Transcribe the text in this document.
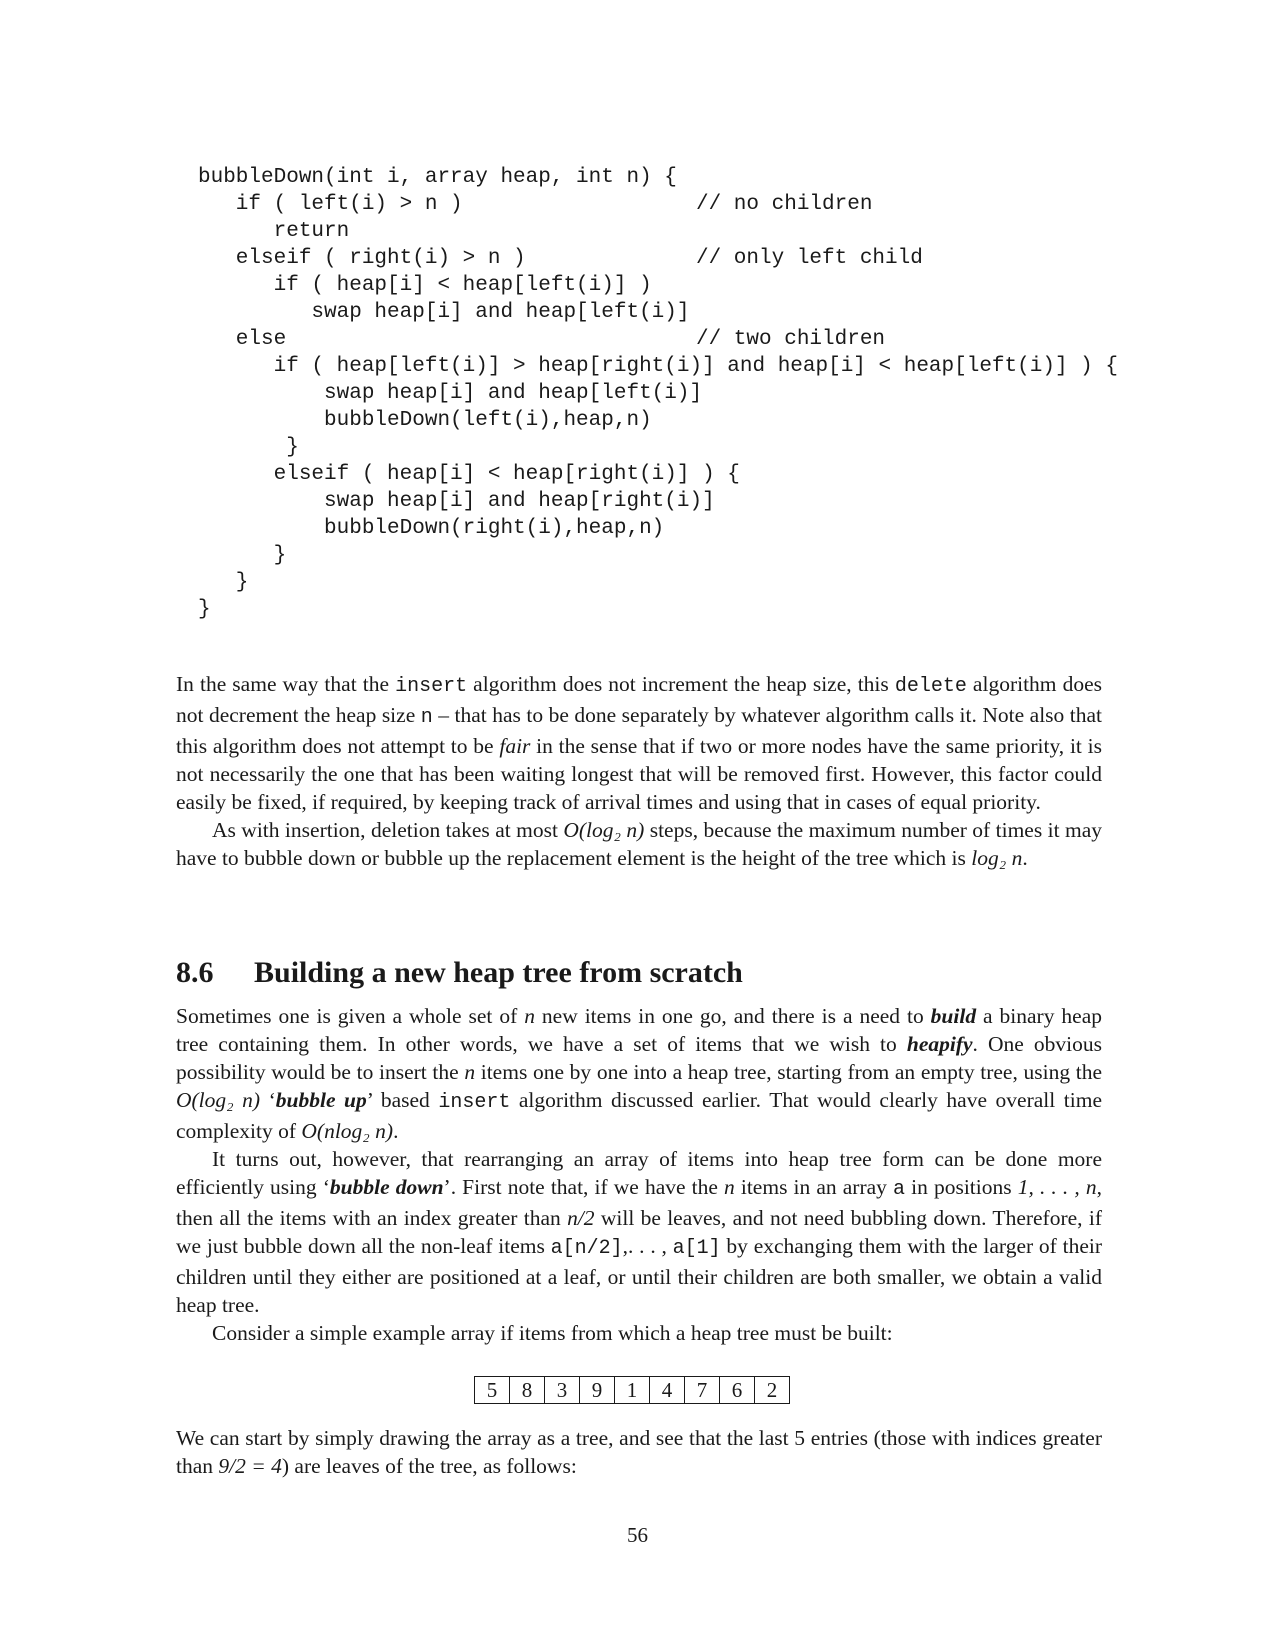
bubbleDown(int i, array heap, int n) {
if ( left(i) > n )	// no children
return
elseif ( right(i) > n )	// only left child
if ( heap[i] < heap[left(i)] )
swap heap[i] and heap[left(i)]
else	// two children
if ( heap[left(i)] > heap[right(i)] and heap[i] < heap[left(i)] ) {
swap heap[i] and heap[left(i)]
bubbleDown(left(i),heap,n)
}
elseif ( heap[i] < heap[right(i)] ) {
swap heap[i] and heap[right(i)]
bubbleDown(right(i),heap,n)
}
}
}

In the same way that the insert algorithm does not increment the heap size, this delete algorithm does not decrement the heap size n – that has to be done separately by whatever algorithm calls it. Note also that this algorithm does not attempt to be fair in the sense that if two or more nodes have the same priority, it is not necessarily the one that has been waiting longest that will be removed first. However, this factor could easily be fixed, if required, by keeping track of arrival times and using that in cases of equal priority.

As with insertion, deletion takes at most O(log₂ n) steps, because the maximum number of times it may have to bubble down or bubble up the replacement element is the height of the tree which is log₂ n.

8.6 Building a new heap tree from scratch

Sometimes one is given a whole set of n new items in one go, and there is a need to build a binary heap tree containing them. In other words, we have a set of items that we wish to heapify. One obvious possibility would be to insert the n items one by one into a heap tree, starting from an empty tree, using the O(log₂ n) ‘bubble up’ based insert algorithm discussed earlier. That would clearly have overall time complexity of O(nlog₂ n).

It turns out, however, that rearranging an array of items into heap tree form can be done more efficiently using ‘bubble down’. First note that, if we have the n items in an array a in positions 1, . . . , n, then all the items with an index greater than n/2 will be leaves, and not need bubbling down. Therefore, if we just bubble down all the non-leaf items a[n/2],. . . , a[1] by exchanging them with the larger of their children until they either are positioned at a leaf, or until their children are both smaller, we obtain a valid heap tree.

Consider a simple example array if items from which a heap tree must be built:

5	8	3	9	1	4	7	6	2

We can start by simply drawing the array as a tree, and see that the last 5 entries (those with indices greater than 9/2 = 4) are leaves of the tree, as follows:

56
